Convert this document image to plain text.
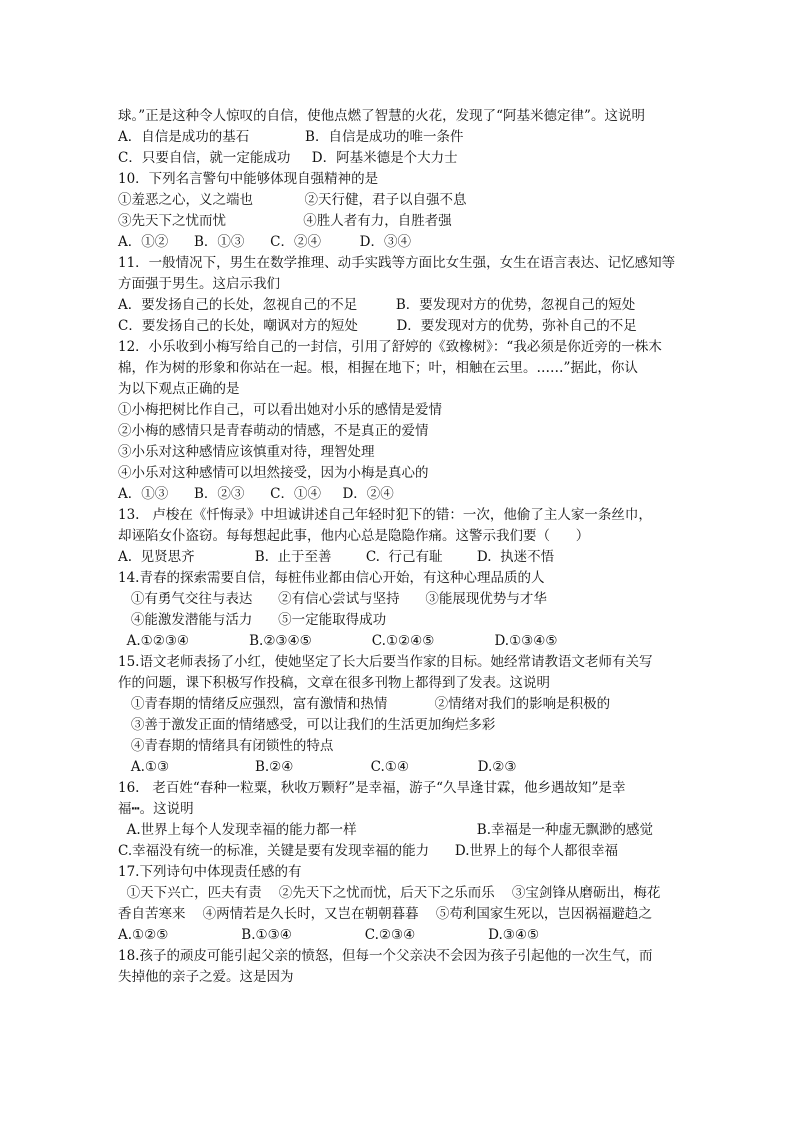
球。”正是这种令人惊叹的自信，使他点燃了智慧的火花，发现了“阿基米德定律”。这说明
A．自信是成功的基石             B．自信是成功的唯一条件
C．只要自信，就一定能成功     D．阿基米德是个大力士
10．下列名言警句中能够体现自强精神的是
①羞恶之心，义之端也            ②天行健，君子以自强不息
③先天下之忧而忧                  ④胜人者有力，自胜者强
A．①②      B．①③      C．②④         D．③④
11．一般情况下，男生在数学推理、动手实践等方面比女生强，女生在语言表达、记忆感知等
方面强于男生。这启示我们
A．要发扬自己的长处，忽视自己的不足         B．要发现对方的优势，忽视自己的短处
C．要发扬自己的长处，嘲讽对方的短处         D．要发现对方的优势，弥补自己的不足
12．小乐收到小梅写给自己的一封信，引用了舒婷的《致橡树》：“我必须是你近旁的一株木
棉，作为树的形象和你站在一起。根，相握在地下；叶，相触在云里。……”据此，你认
为以下观点正确的是
①小梅把树比作自己，可以看出她对小乐的感情是爱情
②小梅的感情只是青春萌动的情感，不是真正的爱情
③小乐对这种感情应该慎重对待，理智处理
④小乐对这种感情可以坦然接受，因为小梅是真心的
A．①③      B．②③      C．①④     D．②④
13.   卢梭在《忏悔录》中坦诚讲述自己年轻时犯下的错：一次，他偷了主人家一条丝巾，
却诬陷女仆盗窃。每每想起此事，他内心总是隐隐作痛。这警示我们要（      ）
A.  见贤思齐              B.  止于至善        C.  行己有耻        D.  执迷不悟
14.青春的探索需要自信，每桩伟业都由信心开始，有这种心理品质的人
①有勇气交往与表达      ②有信心尝试与坚持      ③能展现优势与才华
④能激发潜能与活力      ⑤一定能取得成功
A.①②③④              B.②③④⑤              C.①②④⑤              D.①③④⑤
15.语文老师表扬了小红，使她坚定了长大后要当作家的目标。她经常请教语文老师有关写
作的问题，课下积极写作投稿，文章在很多刊物上都得到了发表。这说明
①青春期的情绪反应强烈，富有激情和热情           ②情绪对我们的影响是积极的
③善于激发正面的情绪感受，可以让我们的生活更加绚烂多彩
④青春期的情绪具有闭锁性的特点
A.①③                    B.②④                  C.①④                D.②③
16.   老百姓“春种一粒粟，秋收万颗籽”是幸福，游子“久旱逢甘霖，他乡遇故知”是幸
福┅。这说明
A.世界上每个人发现幸福的能力都一样                            B.幸福是一种虚无飘渺的感觉
C.幸福没有统一的标准，关键是要有发现幸福的能力      D.世界上的每个人都很幸福
17.下列诗句中体现责任感的有
①天下兴亡，匹夫有责    ②先天下之忧而忧，后天下之乐而乐    ③宝剑锋从磨砺出，梅花
香自苦寒来    ④两情若是久长时，又岂在朝朝暮暮    ⑤苟利国家生死以，岂因祸福避趋之
A.①②⑤                 B.①③④                 C.②③④                 D.③④⑤
18.孩子的顽皮可能引起父亲的愤怒，但每一个父亲决不会因为孩子引起他的一次生气，而
失掉他的亲子之爱。这是因为
